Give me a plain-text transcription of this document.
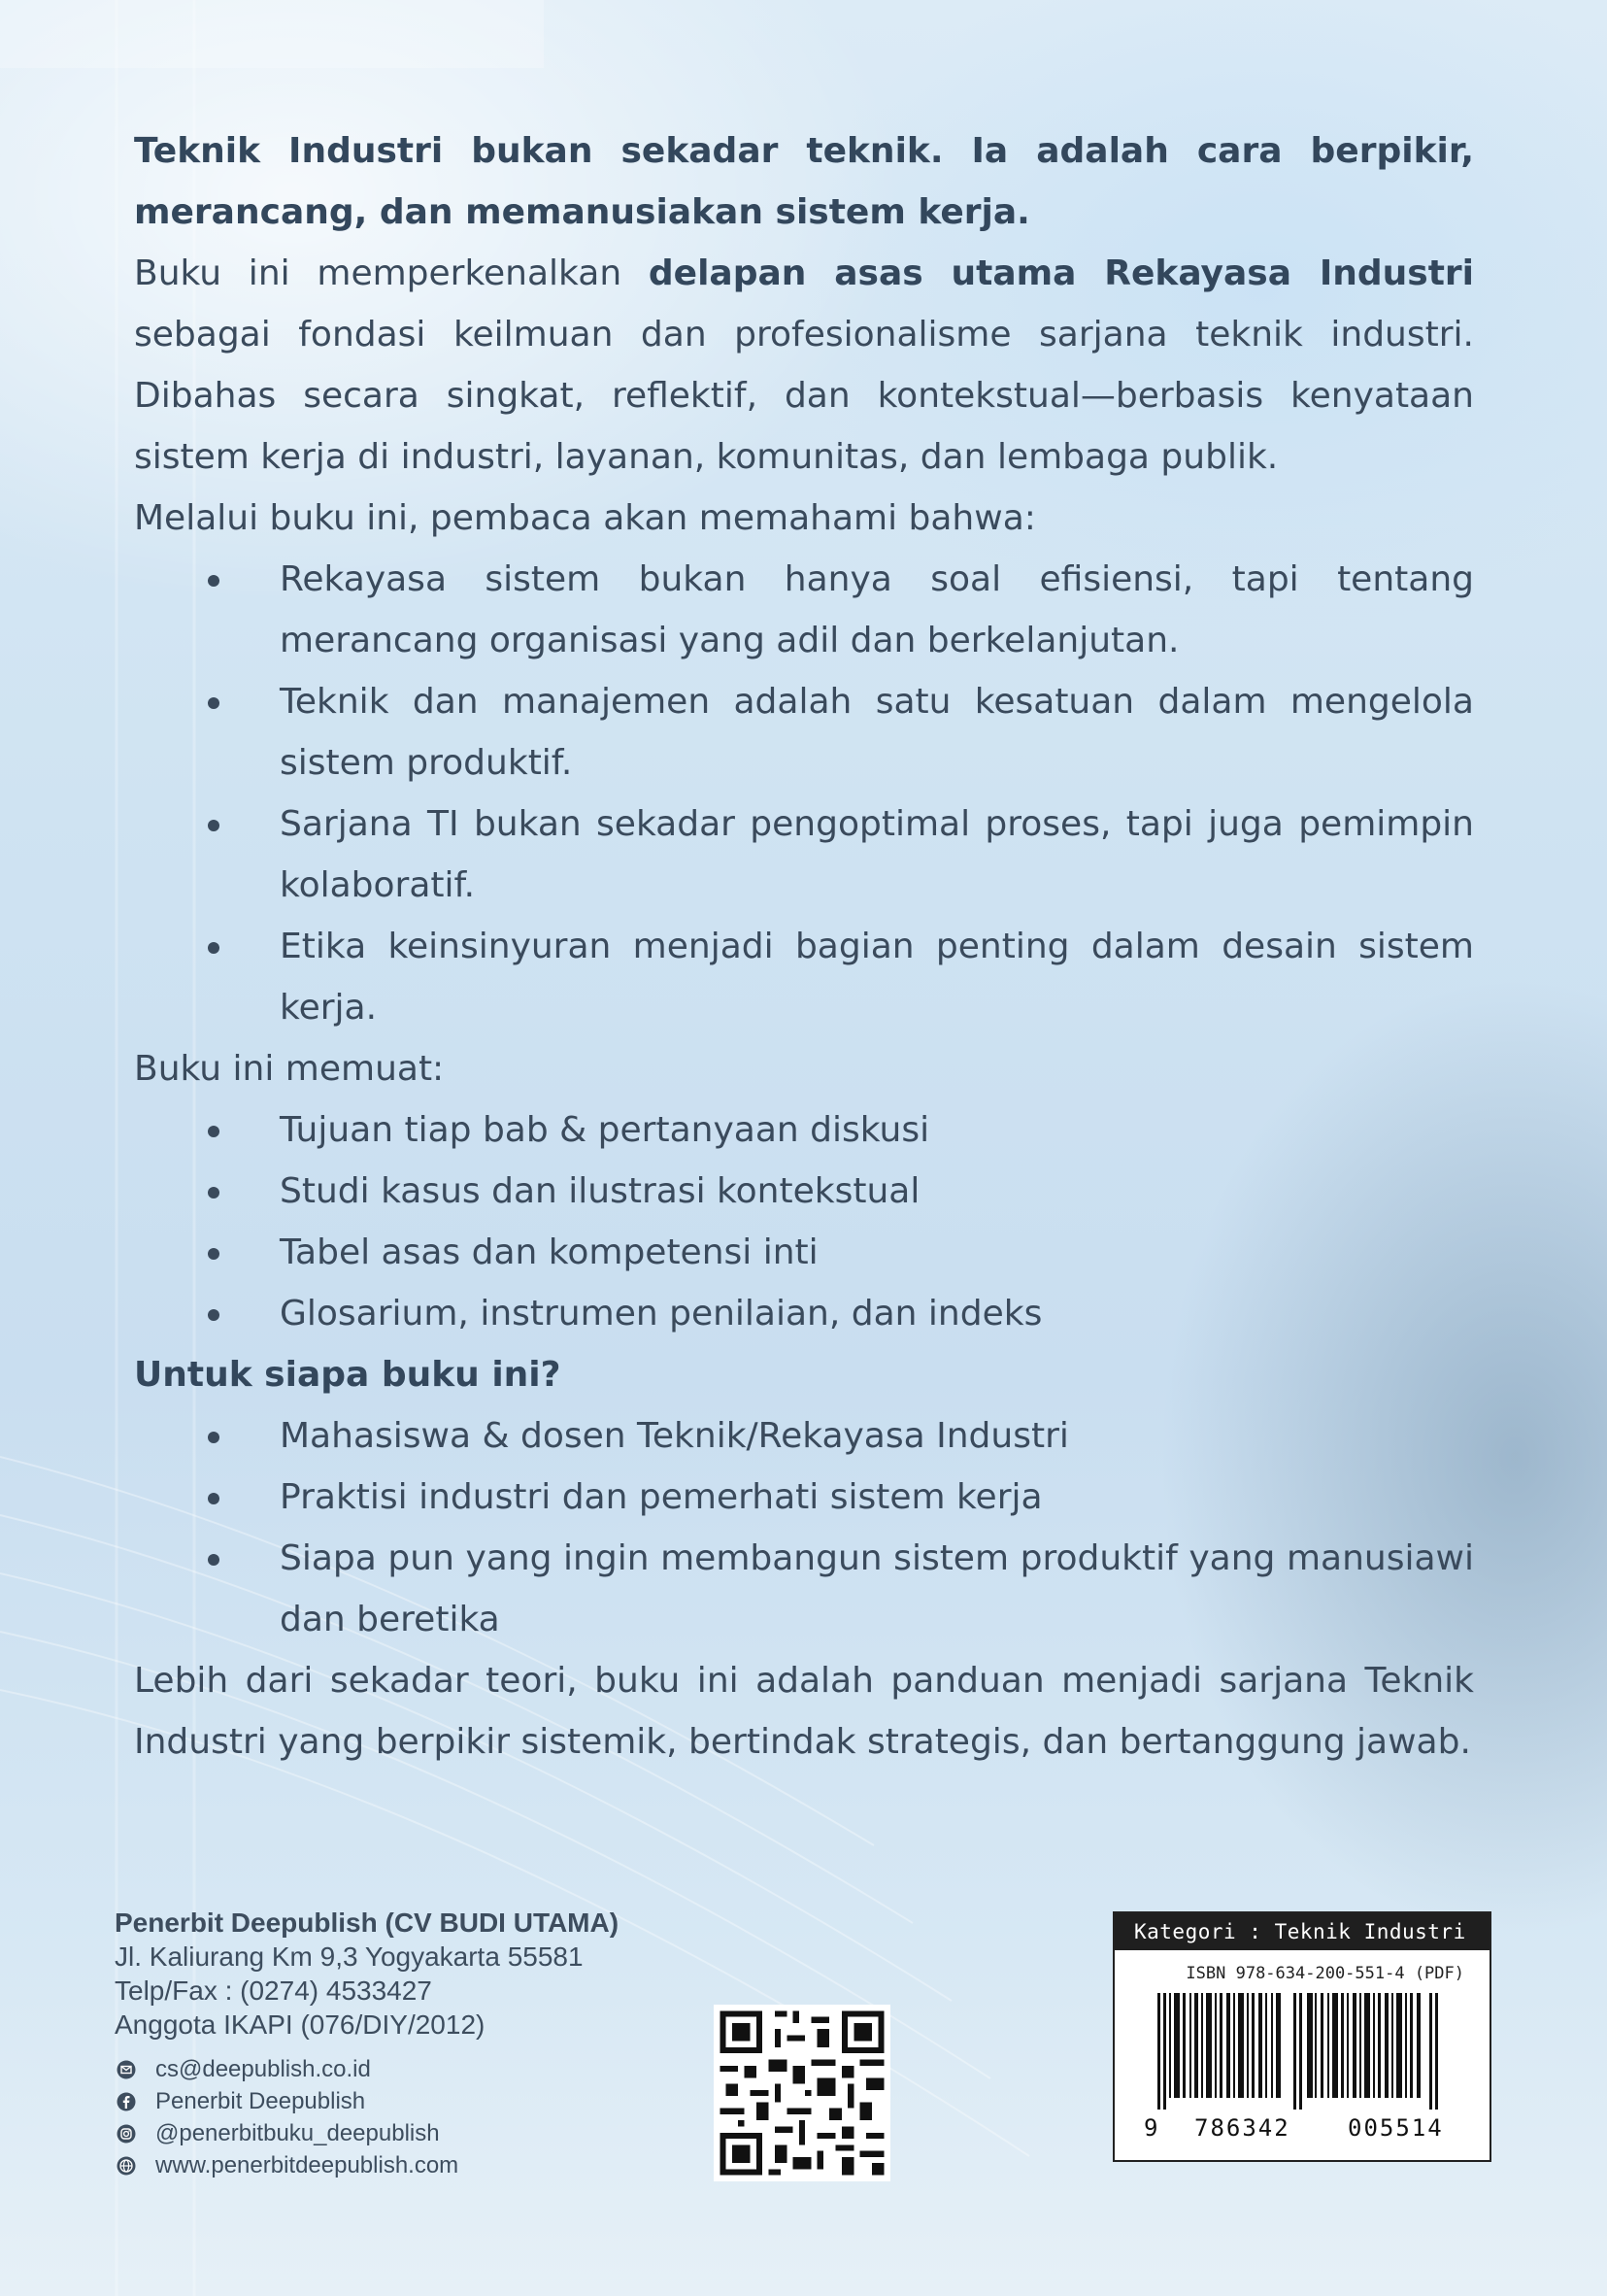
Teknik Industri bukan sekadar teknik. Ia adalah cara berpikir, merancang, dan memanusiakan sistem kerja.

Buku ini memperkenalkan delapan asas utama Rekayasa Industri sebagai fondasi keilmuan dan profesionalisme sarjana teknik industri. Dibahas secara singkat, reflektif, dan kontekstual—berbasis kenyataan sistem kerja di industri, layanan, komunitas, dan lembaga publik.

Melalui buku ini, pembaca akan memahami bahwa:

Rekayasa sistem bukan hanya soal efisiensi, tapi tentang merancang organisasi yang adil dan berkelanjutan.
Teknik dan manajemen adalah satu kesatuan dalam mengelola sistem produktif.
Sarjana TI bukan sekadar pengoptimal proses, tapi juga pemimpin kolaboratif.
Etika keinsinyuran menjadi bagian penting dalam desain sistem kerja.

Buku ini memuat:

Tujuan tiap bab & pertanyaan diskusi
Studi kasus dan ilustrasi kontekstual
Tabel asas dan kompetensi inti
Glosarium, instrumen penilaian, dan indeks

Untuk siapa buku ini?

Mahasiswa & dosen Teknik/Rekayasa Industri
Praktisi industri dan pemerhati sistem kerja
Siapa pun yang ingin membangun sistem produktif yang manusiawi dan beretika

Lebih dari sekadar teori, buku ini adalah panduan menjadi sarjana Teknik Industri yang berpikir sistemik, bertindak strategis, dan bertanggung jawab.

Penerbit Deepublish (CV BUDI UTAMA)
Jl. Kaliurang Km 9,3 Yogyakarta 55581
Telp/Fax : (0274) 4533427
Anggota IKAPI (076/DIY/2012)
cs@deepublish.co.id
Penerbit Deepublish
@penerbitbuku_deepublish
www.penerbitdeepublish.com
Kategori : Teknik Industri
ISBN 978-634-200-551-4 (PDF)
9 786342 005514
